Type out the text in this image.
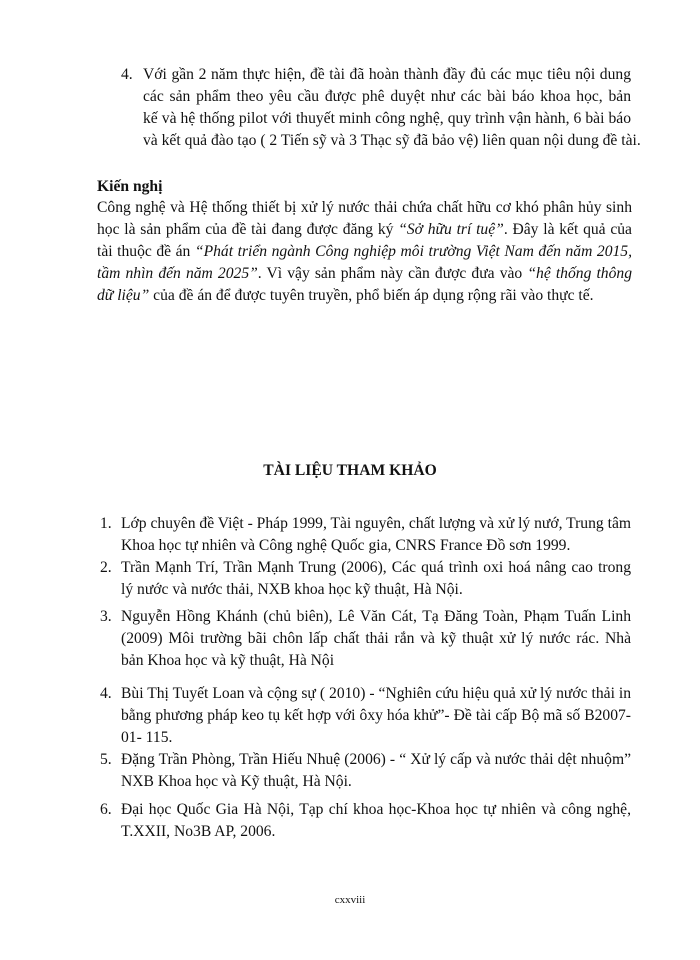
4. Với gần 2 năm thực hiện, đề tài đã hoàn thành đầy đủ các mục tiêu nội dung
các sản phẩm theo yêu cầu được phê duyệt như các bài báo khoa học, bản
kế và hệ thống pilot với thuyết minh công nghệ, quy trình vận hành, 6 bài báo
và kết quả đào tạo ( 2 Tiến sỹ và 3 Thạc sỹ đã bảo vệ) liên quan nội dung đề tài.
Kiến nghị
Công nghệ và Hệ thống thiết bị xử lý nước thải chứa chất hữu cơ khó phân hủy sinh
học là sản phẩm của đề tài đang được đăng ký “Sở hữu trí tuệ”. Đây là kết quả của
tài thuộc đề án “Phát triển ngành Công nghiệp môi trường Việt Nam đến năm 2015,
tầm nhìn đến năm 2025”. Vì vậy sản phẩm này cần được đưa vào “hệ thống thông
dữ liệu” của đề án để được tuyên truyền, phổ biến áp dụng rộng rãi vào thực tế.
TÀI LIỆU THAM KHẢO
1. Lớp chuyên đề Việt - Pháp 1999, Tài nguyên, chất lượng và xử lý nướ, Trung tâm
Khoa học tự nhiên và Công nghệ Quốc gia, CNRS France Đồ sơn 1999.
2. Trần Mạnh Trí, Trần Mạnh Trung (2006), Các quá trình oxi hoá nâng cao trong
lý nước và nước thải, NXB khoa học kỹ thuật, Hà Nội.
3. Nguyễn Hồng Khánh (chủ biên), Lê Văn Cát, Tạ Đăng Toàn, Phạm Tuấn Linh
(2009) Môi trường bãi chôn lấp chất thải rắn và kỹ thuật xử lý nước rác. Nhà
bản Khoa học và kỹ thuật, Hà Nội
4. Bùi Thị Tuyết Loan và cộng sự ( 2010) - “Nghiên cứu hiệu quả xử lý nước thải in
bằng phương pháp keo tụ kết hợp với ôxy hóa khử”- Đề tài cấp Bộ mã số B2007-
01- 115.
5. Đặng Trần Phòng, Trần Hiếu Nhuệ (2006) - “ Xử lý cấp và nước thải dệt nhuộm”
NXB Khoa học và Kỹ thuật, Hà Nội.
6. Đại học Quốc Gia Hà Nội, Tạp chí khoa học-Khoa học tự nhiên và công nghệ,
T.XXII, No3B AP, 2006.
cxxviii
